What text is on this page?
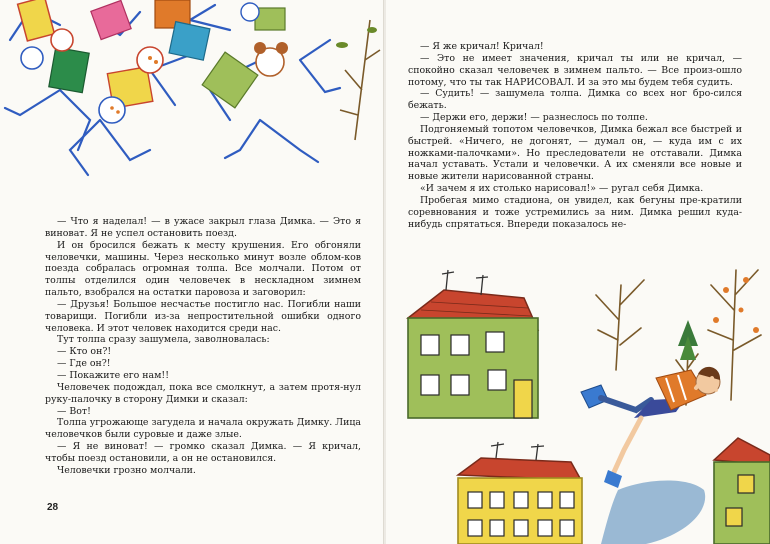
— Что я наделал! — в ужасе закрыл глаза Димка. — Это я виноват. Я не успел остановить поезд.

И он бросился бежать к месту крушения. Его обгоняли человечки, машины. Через несколько минут возле облом-ков поезда собралась огромная толпа. Все молчали. Потом от толпы отделился один человечек в нескладном зимнем пальто, взобрался на остатки паровоза и заговорил:

— Друзья! Большое несчастье постигло нас. Погибли наши товарищи. Погибли из-за непростительной ошибки одного человека. И этот человек находится среди нас.

Тут толпа сразу зашумела, заволновалась:

— Кто он?!

— Где он?!

— Покажите его нам!!

Человечек подождал, пока все смолкнут, а затем протя-нул руку-палочку в сторону Димки и сказал:

— Вот!

Толпа угрожающе загудела и начала окружать Димку. Лица человечков были суровые и даже злые.

— Я не виноват! — громко сказал Димка. — Я кричал, чтобы поезд остановили, а он не остановился.

Человечки грозно молчали.

28

— Я же кричал! Кричал!

— Это не имеет значения, кричал ты или не кричал, — спокойно сказал человечек в зимнем пальто. — Все произ-ошло потому, что ты так НАРИСОВАЛ. И за это мы будем тебя судить.

— Судить! — зашумела толпа. Димка со всех ног бро-сился бежать.

— Держи его, держи! — разнеслось по толпе.

Подгоняемый топотом человечков, Димка бежал все быстрей и быстрей. «Ничего, не догонят, — думал он, — куда им с их ножками-палочками». Но преследователи не отставали. Димка начал уставать. Устали и человечки. А их сменяли все новые и новые жители нарисованной страны.

«И зачем я их столько нарисовал!» — ругал себя Димка.

Пробегая мимо стадиона, он увидел, как бегуны пре-кратили соревнования и тоже устремились за ним. Димка решил куда-нибудь спрятаться. Впереди показалось не-
